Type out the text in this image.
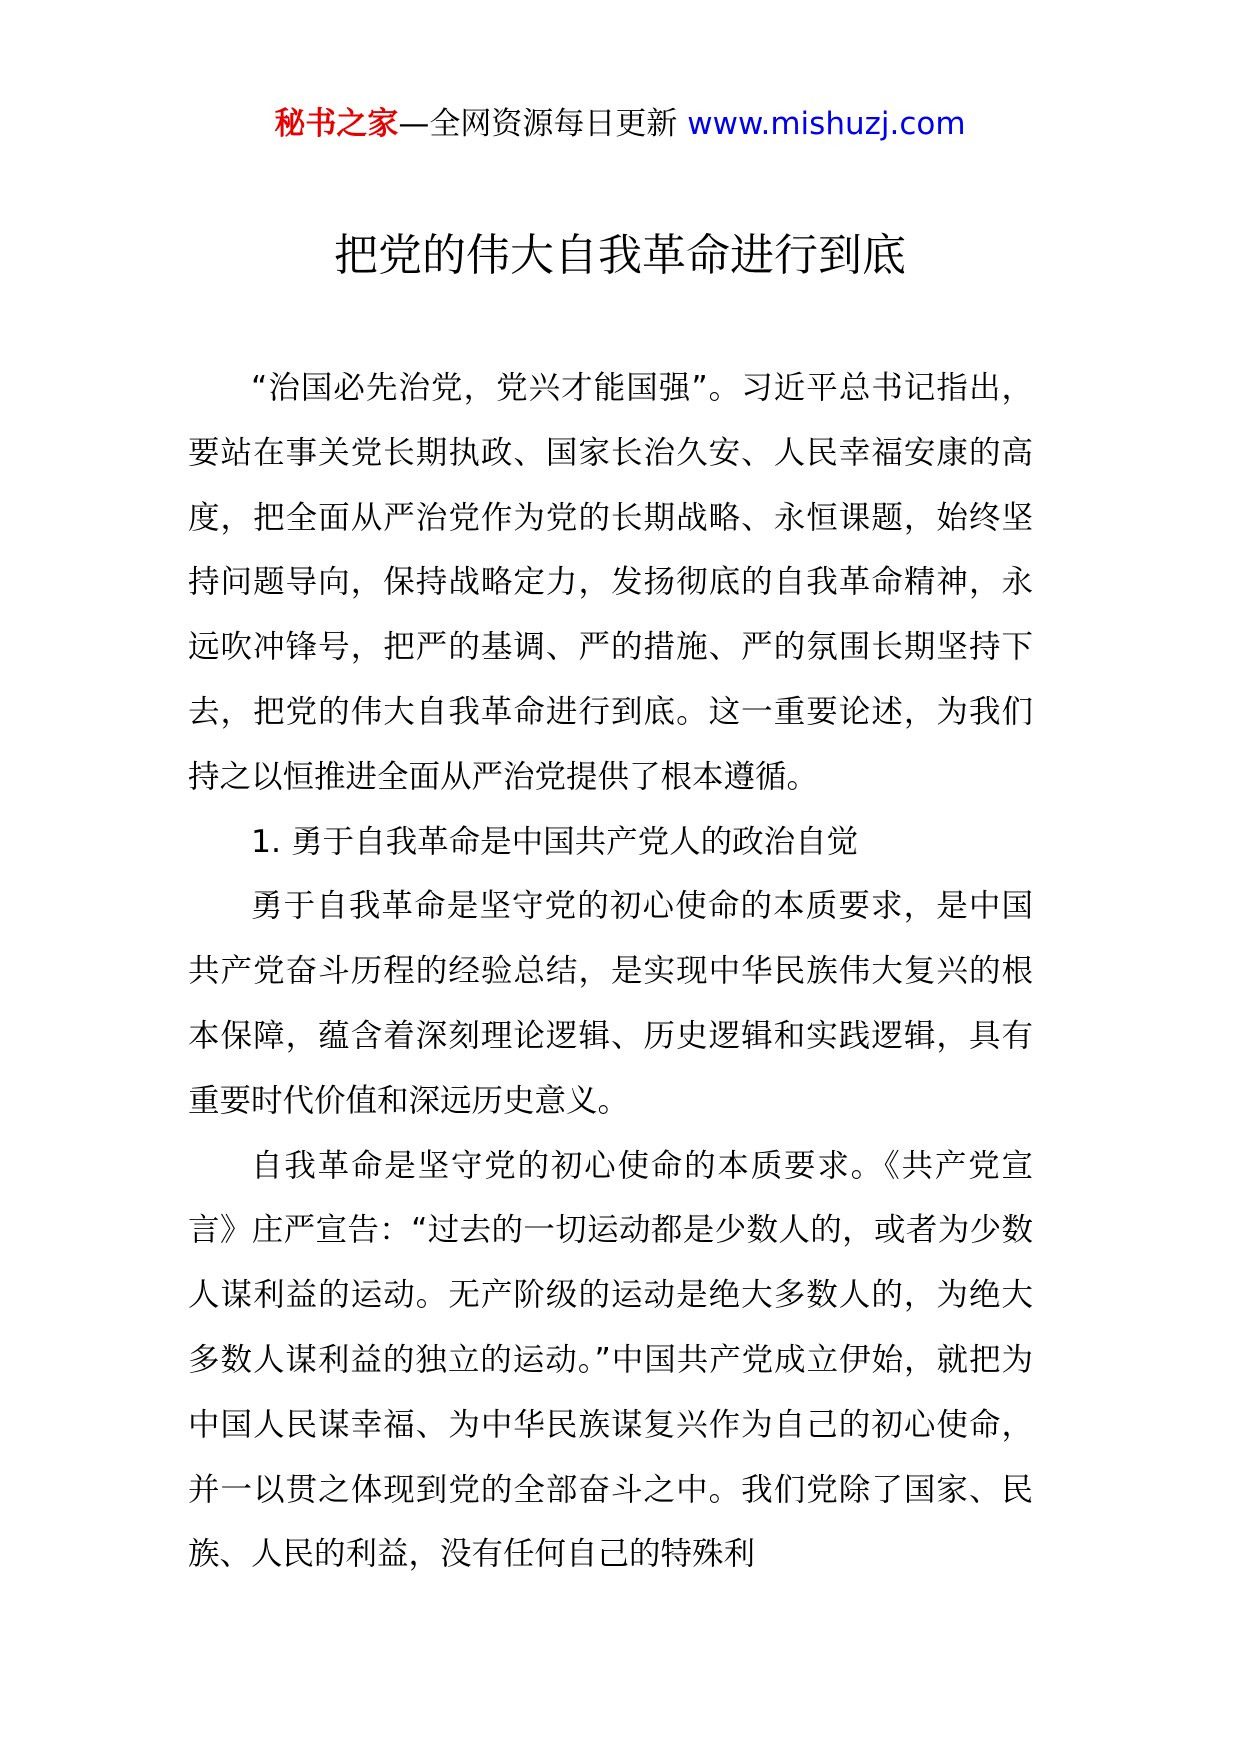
秘书之家—全网资源每日更新 www.mishuzj.com
把党的伟大自我革命进行到底

“治国必先治党，党兴才能国强”。习近平总书记指出，要站在事关党长期执政、国家长治久安、人民幸福安康的高度，把全面从严治党作为党的长期战略、永恒课题，始终坚持问题导向，保持战略定力，发扬彻底的自我革命精神，永远吹冲锋号，把严的基调、严的措施、严的氛围长期坚持下去，把党的伟大自我革命进行到底。这一重要论述，为我们持之以恒推进全面从严治党提供了根本遵循。

1. 勇于自我革命是中国共产党人的政治自觉

勇于自我革命是坚守党的初心使命的本质要求，是中国共产党奋斗历程的经验总结，是实现中华民族伟大复兴的根本保障，蕴含着深刻理论逻辑、历史逻辑和实践逻辑，具有重要时代价值和深远历史意义。

自我革命是坚守党的初心使命的本质要求。《共产党宣言》庄严宣告：“过去的一切运动都是少数人的，或者为少数人谋利益的运动。无产阶级的运动是绝大多数人的，为绝大多数人谋利益的独立的运动。”中国共产党成立伊始，就把为中国人民谋幸福、为中华民族谋复兴作为自己的初心使命，并一以贯之体现到党的全部奋斗之中。我们党除了国家、民族、人民的利益，没有任何自己的特殊利
